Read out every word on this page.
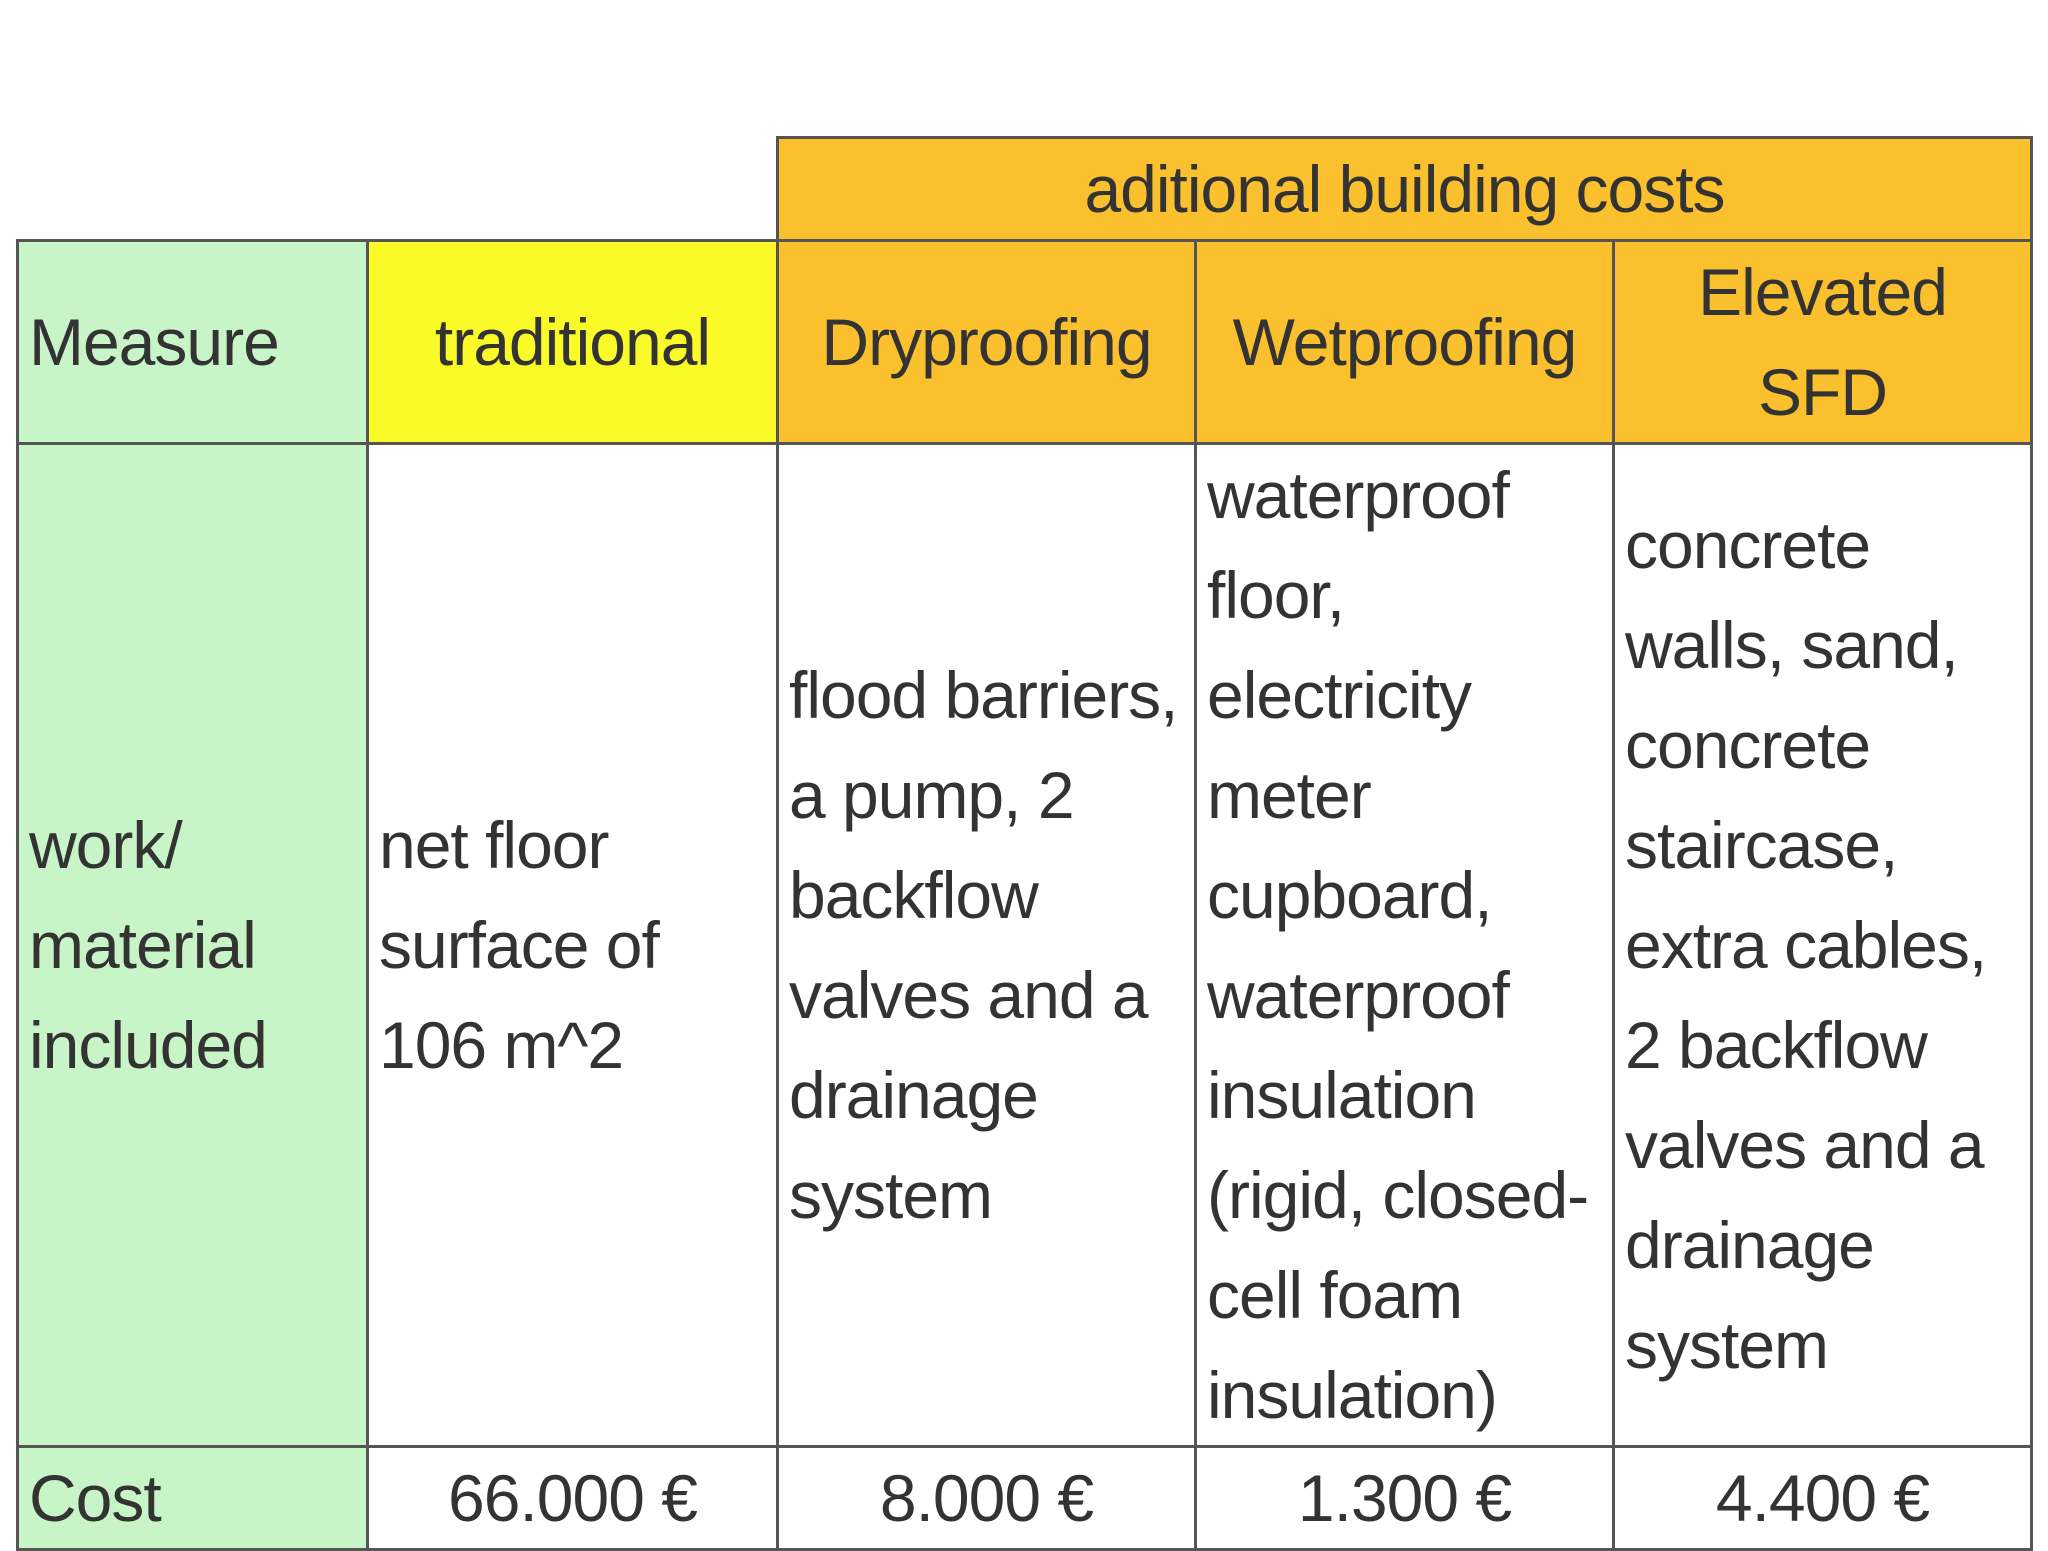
		aditional building costs		
Measure	traditional	Dryproofing	Wetproofing	Elevated SFD

work/ material included	net floor surface of 106 m^2	flood barriers, a pump, 2 backflow valves and a drainage system	waterproof floor, electricity meter cupboard, waterproof insulation (rigid, closed-cell foam insulation)	concrete walls, sand, concrete staircase, extra cables, 2 backflow valves and a drainage system

Cost	66.000 €	8.000 €	1.300 €	4.400 €
